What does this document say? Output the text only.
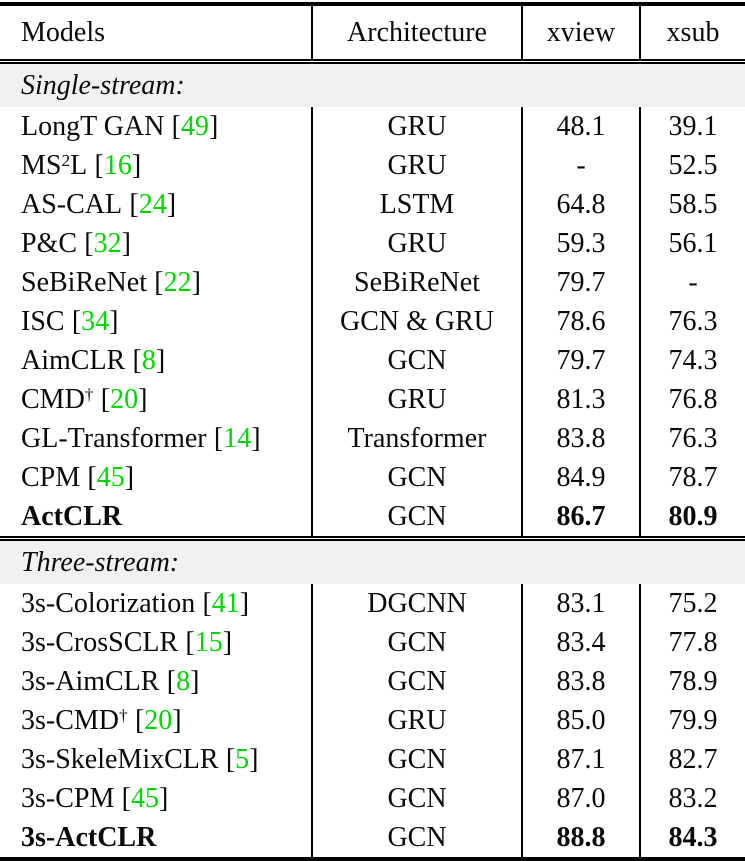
Models	Architecture	xview	xsub
Single-stream:			
LongT GAN [49]	GRU	48.1	39.1
$MS^2L$ [16]	GRU	-	52.5
AS-CAL [24]	LSTM	64.8	58.5
P&C [32]	GRU	59.3	56.1
SeBiReNet [22]	SeBiReNet	79.7	-
ISC [34]	GCN & GRU	78.6	76.3
AimCLR [8]	GCN	79.7	74.3
CMD† [20]	GRU	81.3	76.8
GL-Transformer [14]	Transformer	83.8	76.3
CPM [45]	GCN	84.9	78.7
ActCLR	GCN	86.7	80.9
Three-stream:			
3s-Colorization [41]	DGCNN	83.1	75.2
3s-CrosSCLR [15]	GCN	83.4	77.8
3s-AimCLR [8]	GCN	83.8	78.9
3s-CMD† [20]	GRU	85.0	79.9
3s-SkeleMixCLR [5]	GCN	87.1	82.7
3s-CPM [45]	GCN	87.0	83.2
3s-ActCLR	GCN	88.8	84.3
